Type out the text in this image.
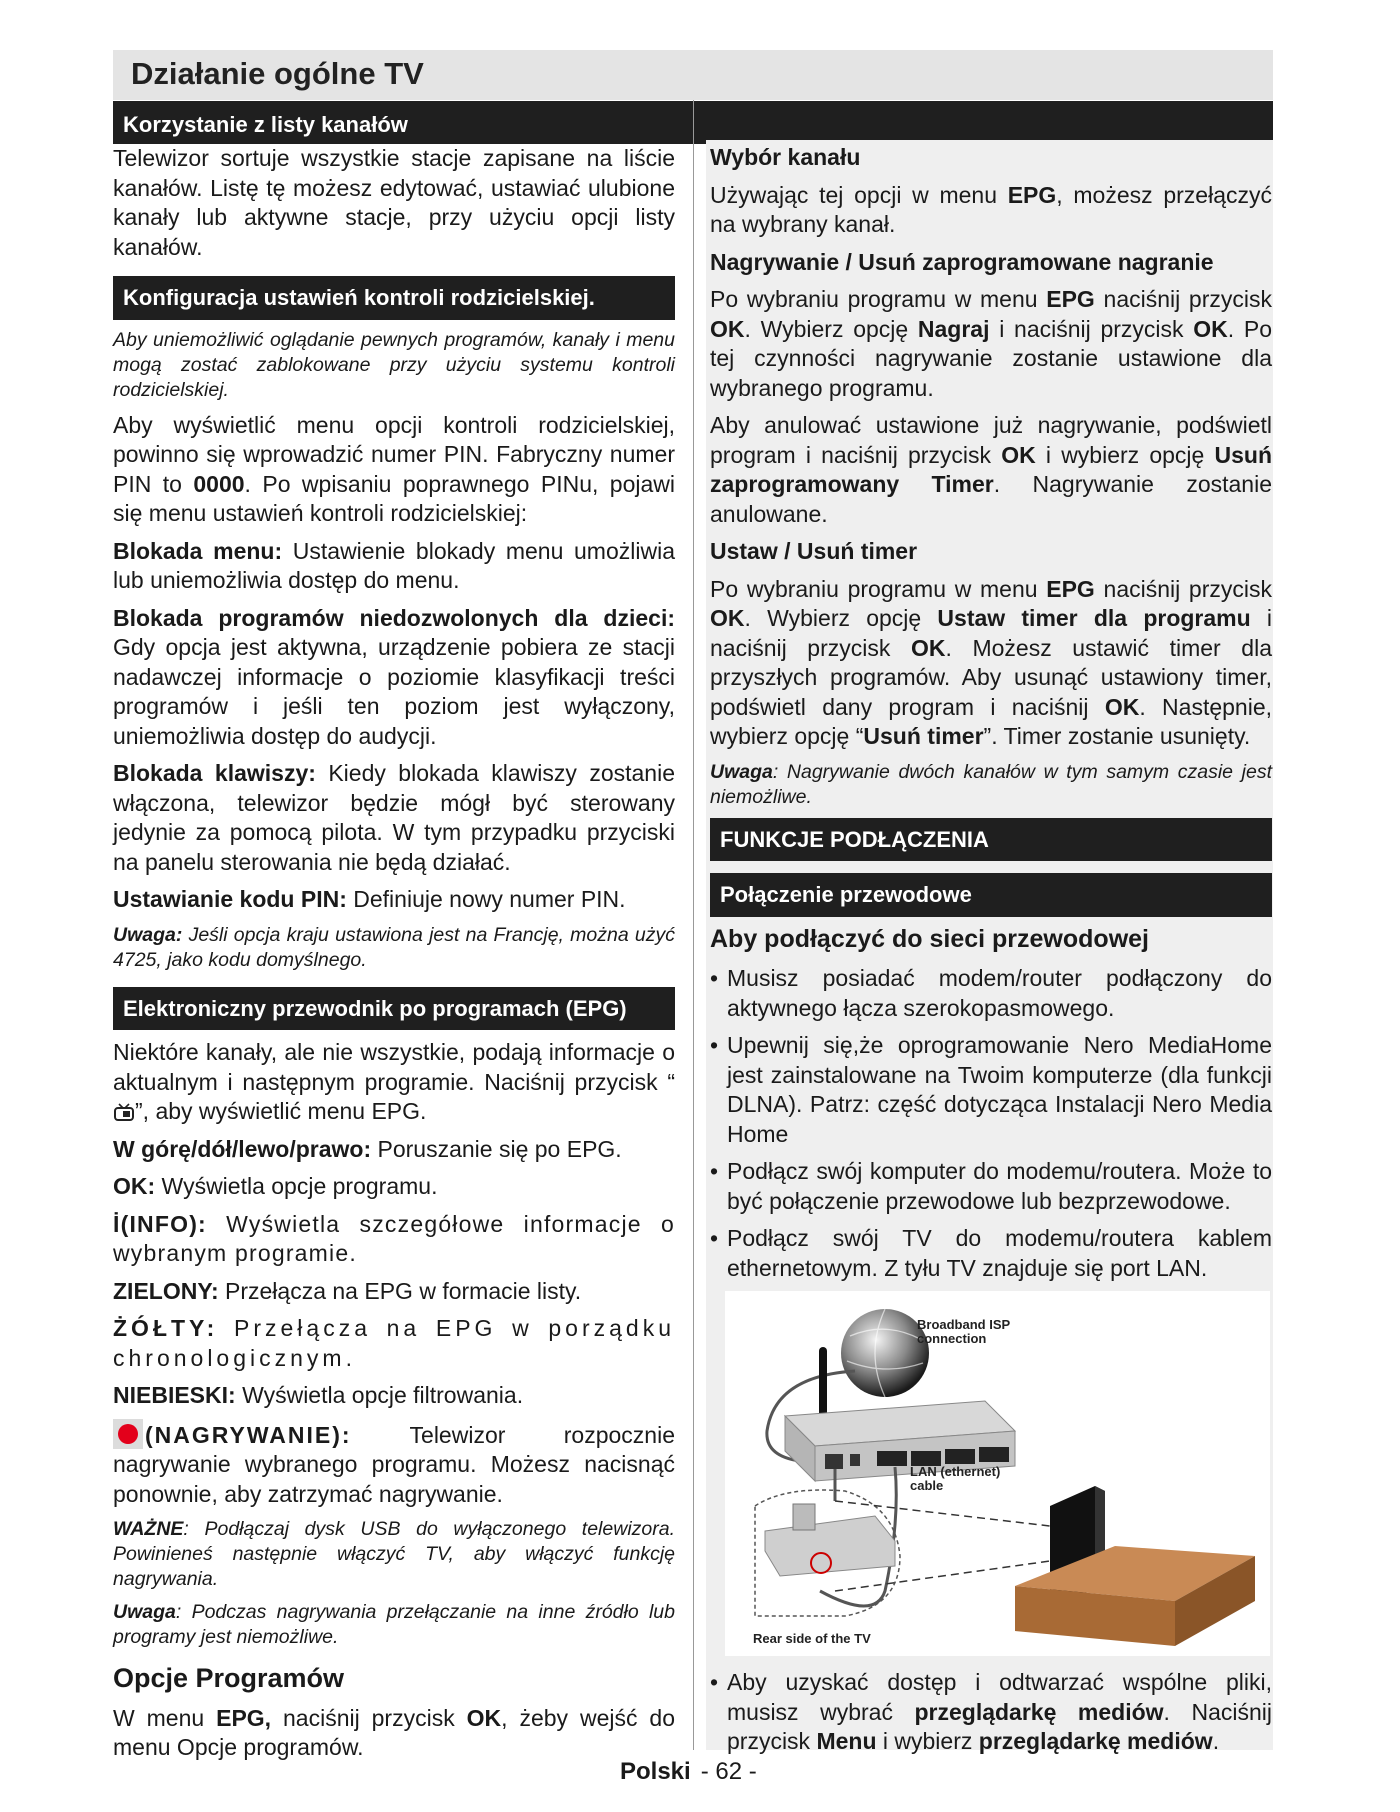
Działanie ogólne TV
Korzystanie z listy kanałów

Telewizor sortuje wszystkie stacje zapisane na liście kanałów. Listę tę możesz edytować, ustawiać ulubione kanały lub aktywne stacje, przy użyciu opcji listy kanałów.

Konfiguracja ustawień kontroli rodzicielskiej.
Aby uniemożliwić oglądanie pewnych programów, kanały i menu mogą zostać zablokowane przy użyciu systemu kontroli rodzicielskiej.

Aby wyświetlić menu opcji kontroli rodzicielskiej, powinno się wprowadzić numer PIN. Fabryczny numer PIN to 0000. Po wpisaniu poprawnego PINu, pojawi się menu ustawień kontroli rodzicielskiej:

Blokada menu: Ustawienie blokady menu umożliwia lub uniemożliwia dostęp do menu.

Blokada programów niedozwolonych dla dzieci: Gdy opcja jest aktywna, urządzenie pobiera ze stacji nadawczej informacje o poziomie klasyfikacji treści programów i jeśli ten poziom jest wyłączony, uniemożliwia dostęp do audycji.

Blokada klawiszy: Kiedy blokada klawiszy zostanie włączona, telewizor będzie mógł być sterowany jedynie za pomocą pilota. W tym przypadku przyciski na panelu sterowania nie będą działać.

Ustawianie kodu PIN: Definiuje nowy numer PIN.

Uwaga: Jeśli opcja kraju ustawiona jest na Francję, można użyć 4725, jako kodu domyślnego.
Elektroniczny przewodnik po programach (EPG)

Niektóre kanały, ale nie wszystkie, podają informacje o aktualnym i następnym programie. Naciśnij przycisk “”, aby wyświetlić menu EPG.

W górę/dół/lewo/prawo: Poruszanie się po EPG.

OK: Wyświetla opcje programu.

İ(INFO): Wyświetla szczegółowe informacje o wybranym programie.

ZIELONY: Przełącza na EPG w formacie listy.

ŻÓŁTY: Przełącza na EPG w porządku chronologicznym.

NIEBIESKI: Wyświetla opcje filtrowania.

(NAGRYWANIE): Telewizor rozpocznie nagrywanie wybranego programu. Możesz nacisnąć ponownie, aby zatrzymać nagrywanie.

WAŻNE: Podłączaj dysk USB do wyłączonego telewizora. Powinieneś następnie włączyć TV, aby włączyć funkcję nagrywania.
Uwaga: Podczas nagrywania przełączanie na inne źródło lub programy jest niemożliwe.
Opcje Programów

W menu EPG, naciśnij przycisk OK, żeby wejść do menu Opcje programów.

Wybór kanału

Używając tej opcji w menu EPG, możesz przełączyć na wybrany kanał.

Nagrywanie / Usuń zaprogramowane nagranie

Po wybraniu programu w menu EPG naciśnij przycisk OK. Wybierz opcję Nagraj i naciśnij przycisk OK. Po tej czynności nagrywanie zostanie ustawione dla wybranego programu.

Aby anulować ustawione już nagrywanie, podświetl program i naciśnij przycisk OK i wybierz opcję Usuń zaprogramowany Timer. Nagrywanie zostanie anulowane.

Ustaw / Usuń timer

Po wybraniu programu w menu EPG naciśnij przycisk OK. Wybierz opcję Ustaw timer dla programu i naciśnij przycisk OK. Możesz ustawić timer dla przyszłych programów. Aby usunąć ustawiony timer, podświetl dany program i naciśnij OK. Następnie, wybierz opcję “Usuń timer”. Timer zostanie usunięty.

Uwaga: Nagrywanie dwóch kanałów w tym samym czasie jest niemożliwe.
FUNKCJE PODŁĄCZENIA
Połączenie przewodowe
Aby podłączyć do sieci przewodowej
• Musisz posiadać modem/router podłączony do aktywnego łącza szerokopasmowego.
• Upewnij się,że oprogramowanie Nero MediaHome jest zainstalowane na Twoim komputerze (dla funkcji DLNA). Patrz: część dotycząca Instalacji Nero Media Home
• Podłącz swój komputer do modemu/routera. Może to być połączenie przewodowe lub bezprzewodowe.
• Podłącz swój TV do modemu/routera kablem ethernetowym. Z tyłu TV znajduje się port LAN.
Broadband ISP
connection
LAN (ethernet)
cable
Rear side of the TV
• Aby uzyskać dostęp i odtwarzać wspólne pliki, musisz wybrać przeglądarkę mediów. Naciśnij przycisk Menu i wybierz przeglądarkę mediów.
Polski - 62 -
